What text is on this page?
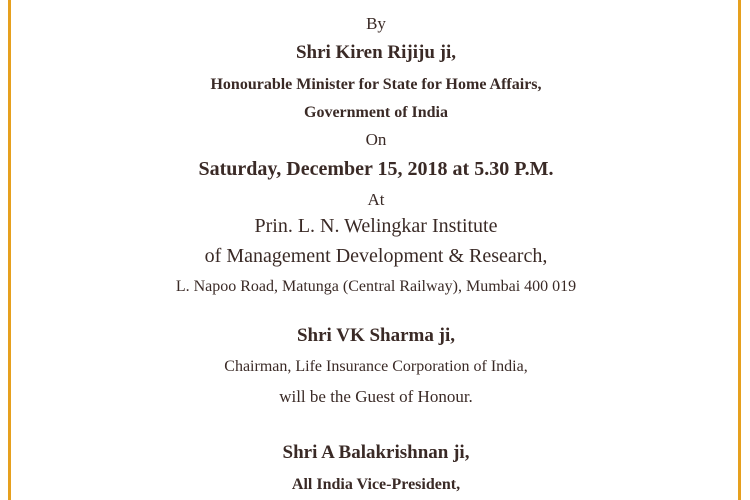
By
Shri Kiren Rijiju ji,
Honourable Minister for State for Home Affairs,
Government of India
On
Saturday, December 15, 2018 at 5.30 P.M.
At
Prin. L. N. Welingkar Institute
of Management Development & Research,
L. Napoo Road, Matunga (Central Railway), Mumbai 400 019
Shri VK Sharma ji,
Chairman, Life Insurance Corporation of India,
will be the Guest of Honour.
Shri A Balakrishnan ji,
All India Vice-President,
